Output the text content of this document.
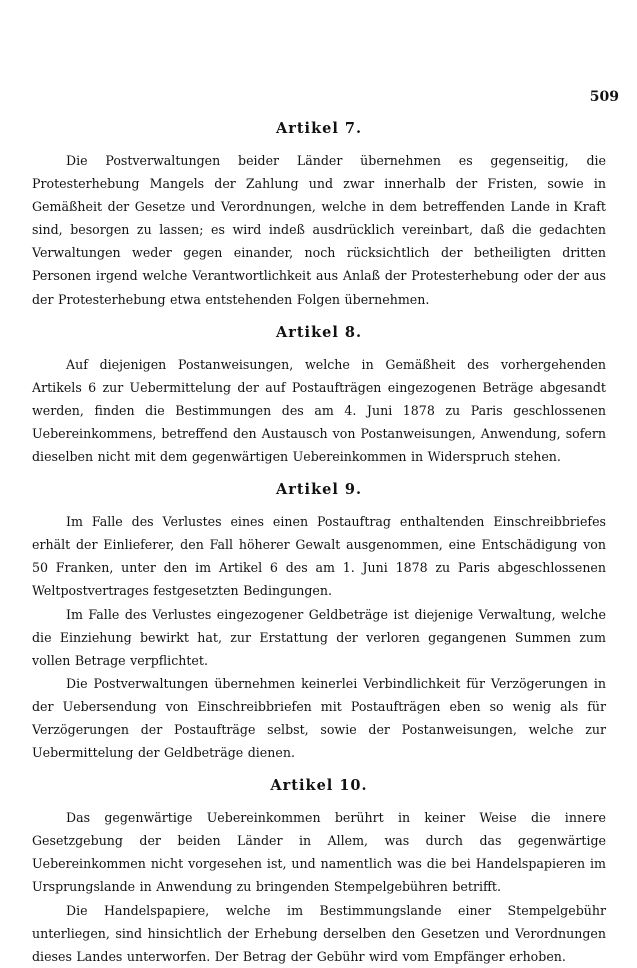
509
Artikel 7.

Die Postverwaltungen beider Länder übernehmen es gegenseitig, die Protesterhebung Mangels der Zahlung und zwar innerhalb der Fristen, sowie in Gemäßheit der Gesetze und Verordnungen, welche in dem betreffenden Lande in Kraft sind, besorgen zu lassen; es wird indeß ausdrücklich vereinbart, daß die gedachten Verwaltungen weder gegen einander, noch rücksichtlich der betheiligten dritten Personen irgend welche Verantwortlichkeit aus Anlaß der Protesterhebung oder der aus der Protesterhebung etwa entstehenden Folgen übernehmen.

Artikel 8.

Auf diejenigen Postanweisungen, welche in Gemäßheit des vorhergehenden Artikels 6 zur Uebermittelung der auf Postaufträgen eingezogenen Beträge abgesandt werden, finden die Bestimmungen des am 4. Juni 1878 zu Paris geschlossenen Uebereinkommens, betreffend den Austausch von Postanweisungen, Anwendung, sofern dieselben nicht mit dem gegenwärtigen Uebereinkommen in Widerspruch stehen.

Artikel 9.

Im Falle des Verlustes eines einen Postauftrag enthaltenden Einschreibbriefes erhält der Einlieferer, den Fall höherer Gewalt ausgenommen, eine Entschädigung von 50 Franken, unter den im Artikel 6 des am 1. Juni 1878 zu Paris abgeschlossenen Weltpostvertrages festgesetzten Bedingungen.

Im Falle des Verlustes eingezogener Geldbeträge ist diejenige Verwaltung, welche die Einziehung bewirkt hat, zur Erstattung der verloren gegangenen Summen zum vollen Betrage verpflichtet.

Die Postverwaltungen übernehmen keinerlei Verbindlichkeit für Verzögerungen in der Uebersendung von Einschreibbriefen mit Postaufträgen eben so wenig als für Verzögerungen der Postaufträge selbst, sowie der Postanweisungen, welche zur Uebermittelung der Geldbeträge dienen.

Artikel 10.

Das gegenwärtige Uebereinkommen berührt in keiner Weise die innere Gesetzgebung der beiden Länder in Allem, was durch das gegenwärtige Uebereinkommen nicht vorgesehen ist, und namentlich was die bei Handelspapieren im Ursprungslande in Anwendung zu bringenden Stempelgebühren betrifft.

Die Handelspapiere, welche im Bestimmungslande einer Stempelgebühr unterliegen, sind hinsichtlich der Erhebung derselben den Gesetzen und Verordnungen dieses Landes unterworfen. Der Betrag der Gebühr wird vom Empfänger erhoben.
